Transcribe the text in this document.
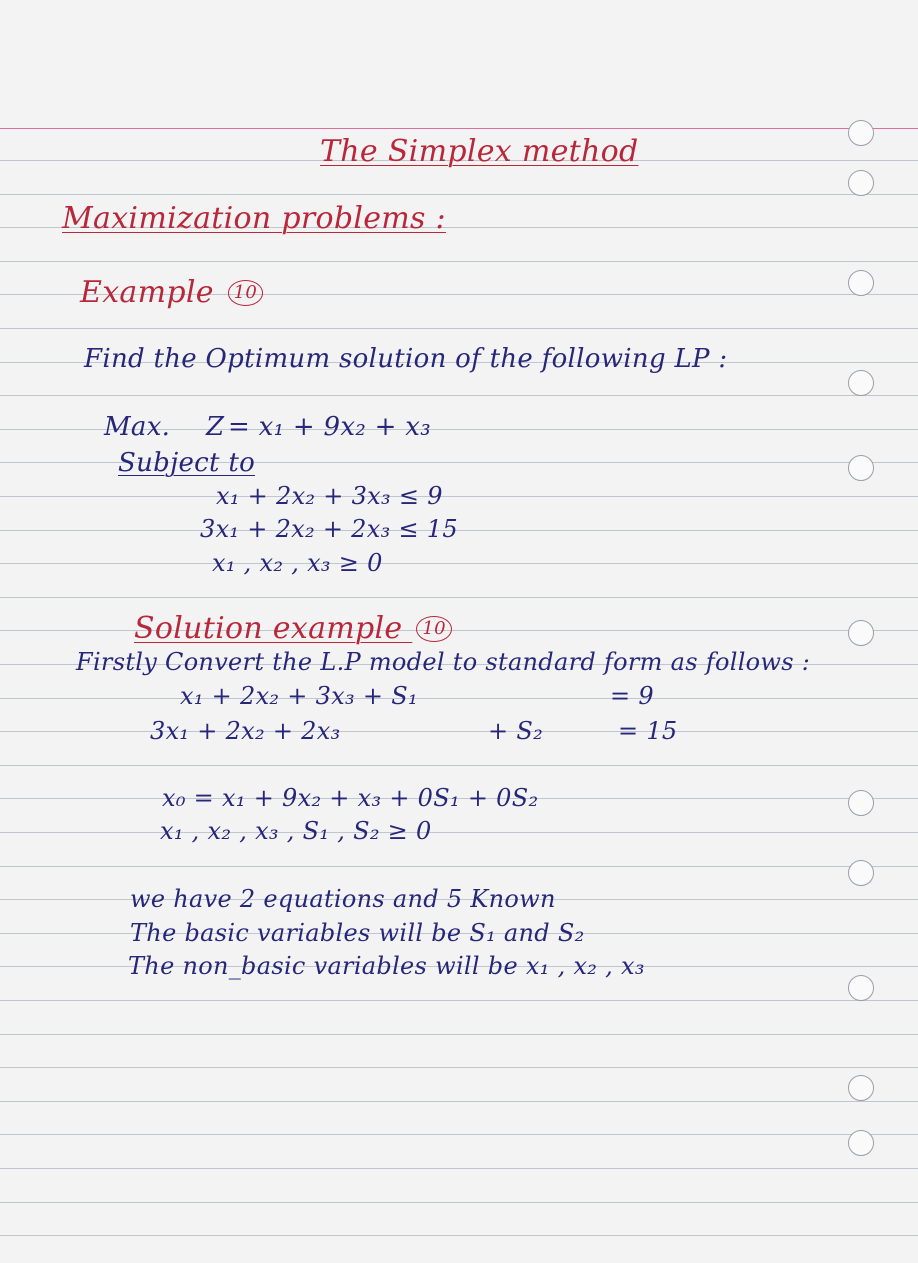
The Simplex method
Maximization problems :
Example 10
Find the Optimum solution of the following LP :
Max. Z = x₁ + 9x₂ + x₃
Subject to
x₁ + 2x₂ + 3x₃ ≤ 9
3x₁ + 2x₂ + 2x₃ ≤ 15
x₁ , x₂ , x₃ ≥ 0
Solution example 10
Firstly Convert the L.P model to standard form as follows :
x₁ + 2x₂ + 3x₃ + S₁	= 9
3x₁ + 2x₂ + 2x₃	+ S₂	= 15
x₀ = x₁ + 9x₂ + x₃ + 0S₁ + 0S₂
x₁ , x₂ , x₃ , S₁ , S₂ ≥ 0
we have 2 equations and 5 Known
The basic variables will be S₁ and S₂
The non_basic variables will be x₁ , x₂ , x₃
